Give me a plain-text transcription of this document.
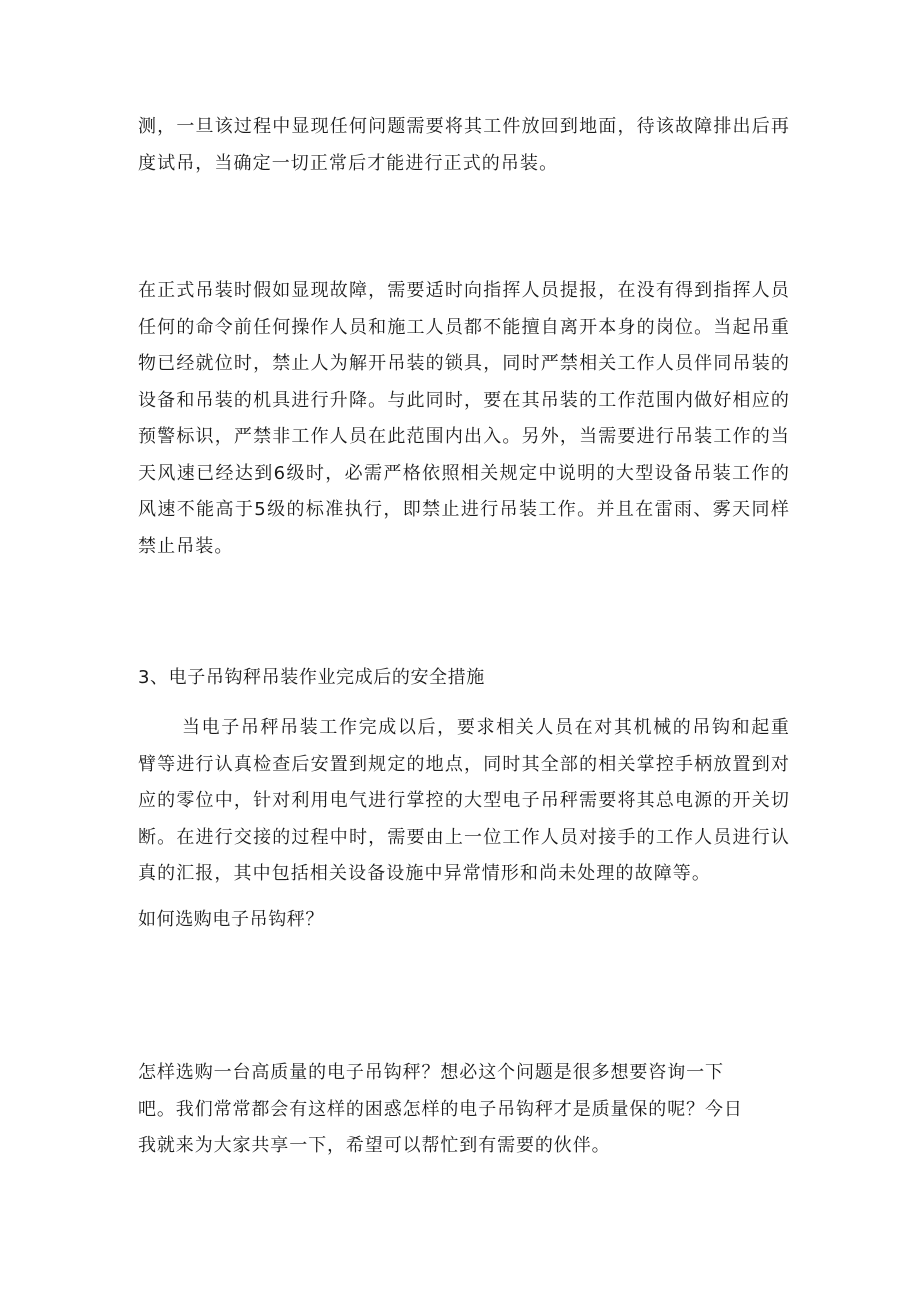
测，一旦该过程中显现任何问题需要将其工件放回到地面，待该故障排出后再度试吊，当确定一切正常后才能进行正式的吊装。

在正式吊装时假如显现故障，需要适时向指挥人员提报，在没有得到指挥人员任何的命令前任何操作人员和施工人员都不能擅自离开本身的岗位。当起吊重物已经就位时，禁止人为解开吊装的锁具，同时严禁相关工作人员伴同吊装的设备和吊装的机具进行升降。与此同时，要在其吊装的工作范围内做好相应的预警标识，严禁非工作人员在此范围内出入。另外，当需要进行吊装工作的当天风速已经达到6级时，必需严格依照相关规定中说明的大型设备吊装工作的风速不能高于5级的标准执行，即禁止进行吊装工作。并且在雷雨、雾天同样禁止吊装。

3、电子吊钩秤吊装作业完成后的安全措施

当电子吊秤吊装工作完成以后，要求相关人员在对其机械的吊钩和起重臂等进行认真检查后安置到规定的地点，同时其全部的相关掌控手柄放置到对应的零位中，针对利用电气进行掌控的大型电子吊秤需要将其总电源的开关切断。在进行交接的过程中时，需要由上一位工作人员对接手的工作人员进行认真的汇报，其中包括相关设备设施中异常情形和尚未处理的故障等。

如何选购电子吊钩秤？
怎样选购一台高质量的电子吊钩秤？想必这个问题是很多想要咨询一下
吧。我们常常都会有这样的困惑怎样的电子吊钩秤才是质量保的呢？今日
我就来为大家共享一下，希望可以帮忙到有需要的伙伴。
